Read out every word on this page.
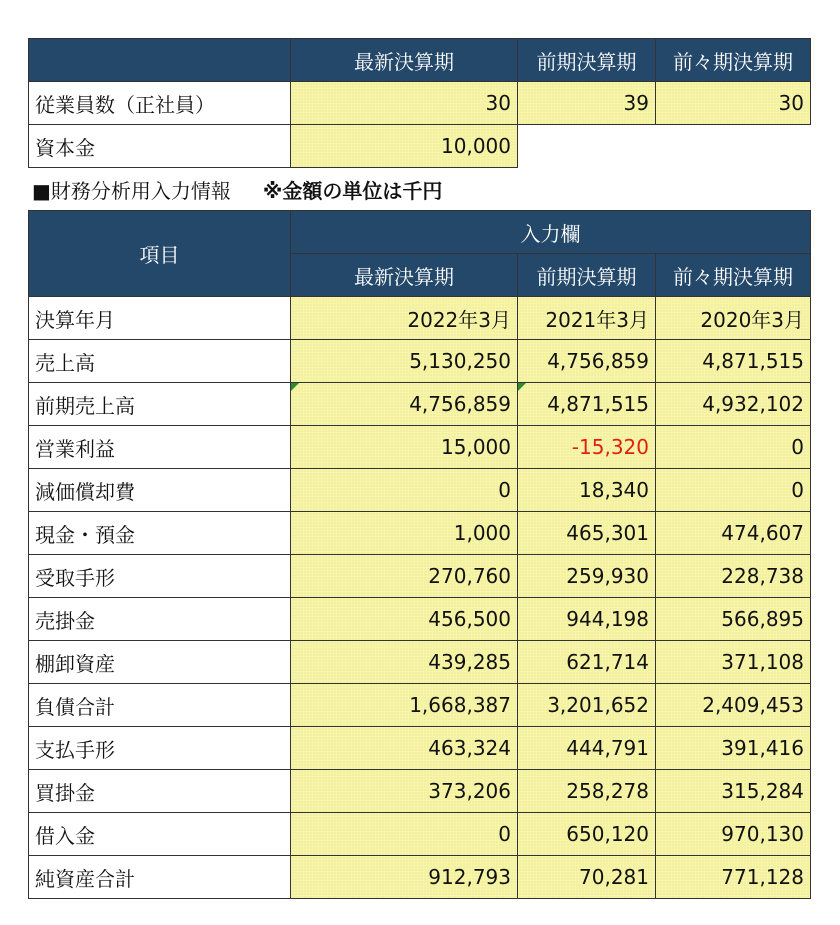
	最新決算期	前期決算期	前々期決算期
従業員数（正社員）	30	39	30
資本金	10,000		
■財務分析用入力情報 ※金額の単位は千円
項目	入力欄		
	最新決算期	前期決算期	前々期決算期
決算年月	2022年3月	2021年3月	2020年3月
売上高	5,130,250	4,756,859	4,871,515
前期売上高	4,756,859	4,871,515	4,932,102
営業利益	15,000	-15,320	0
減価償却費	0	18,340	0
現金・預金	1,000	465,301	474,607
受取手形	270,760	259,930	228,738
売掛金	456,500	944,198	566,895
棚卸資産	439,285	621,714	371,108
負債合計	1,668,387	3,201,652	2,409,453
支払手形	463,324	444,791	391,416
買掛金	373,206	258,278	315,284
借入金	0	650,120	970,130
純資産合計	912,793	70,281	771,128
